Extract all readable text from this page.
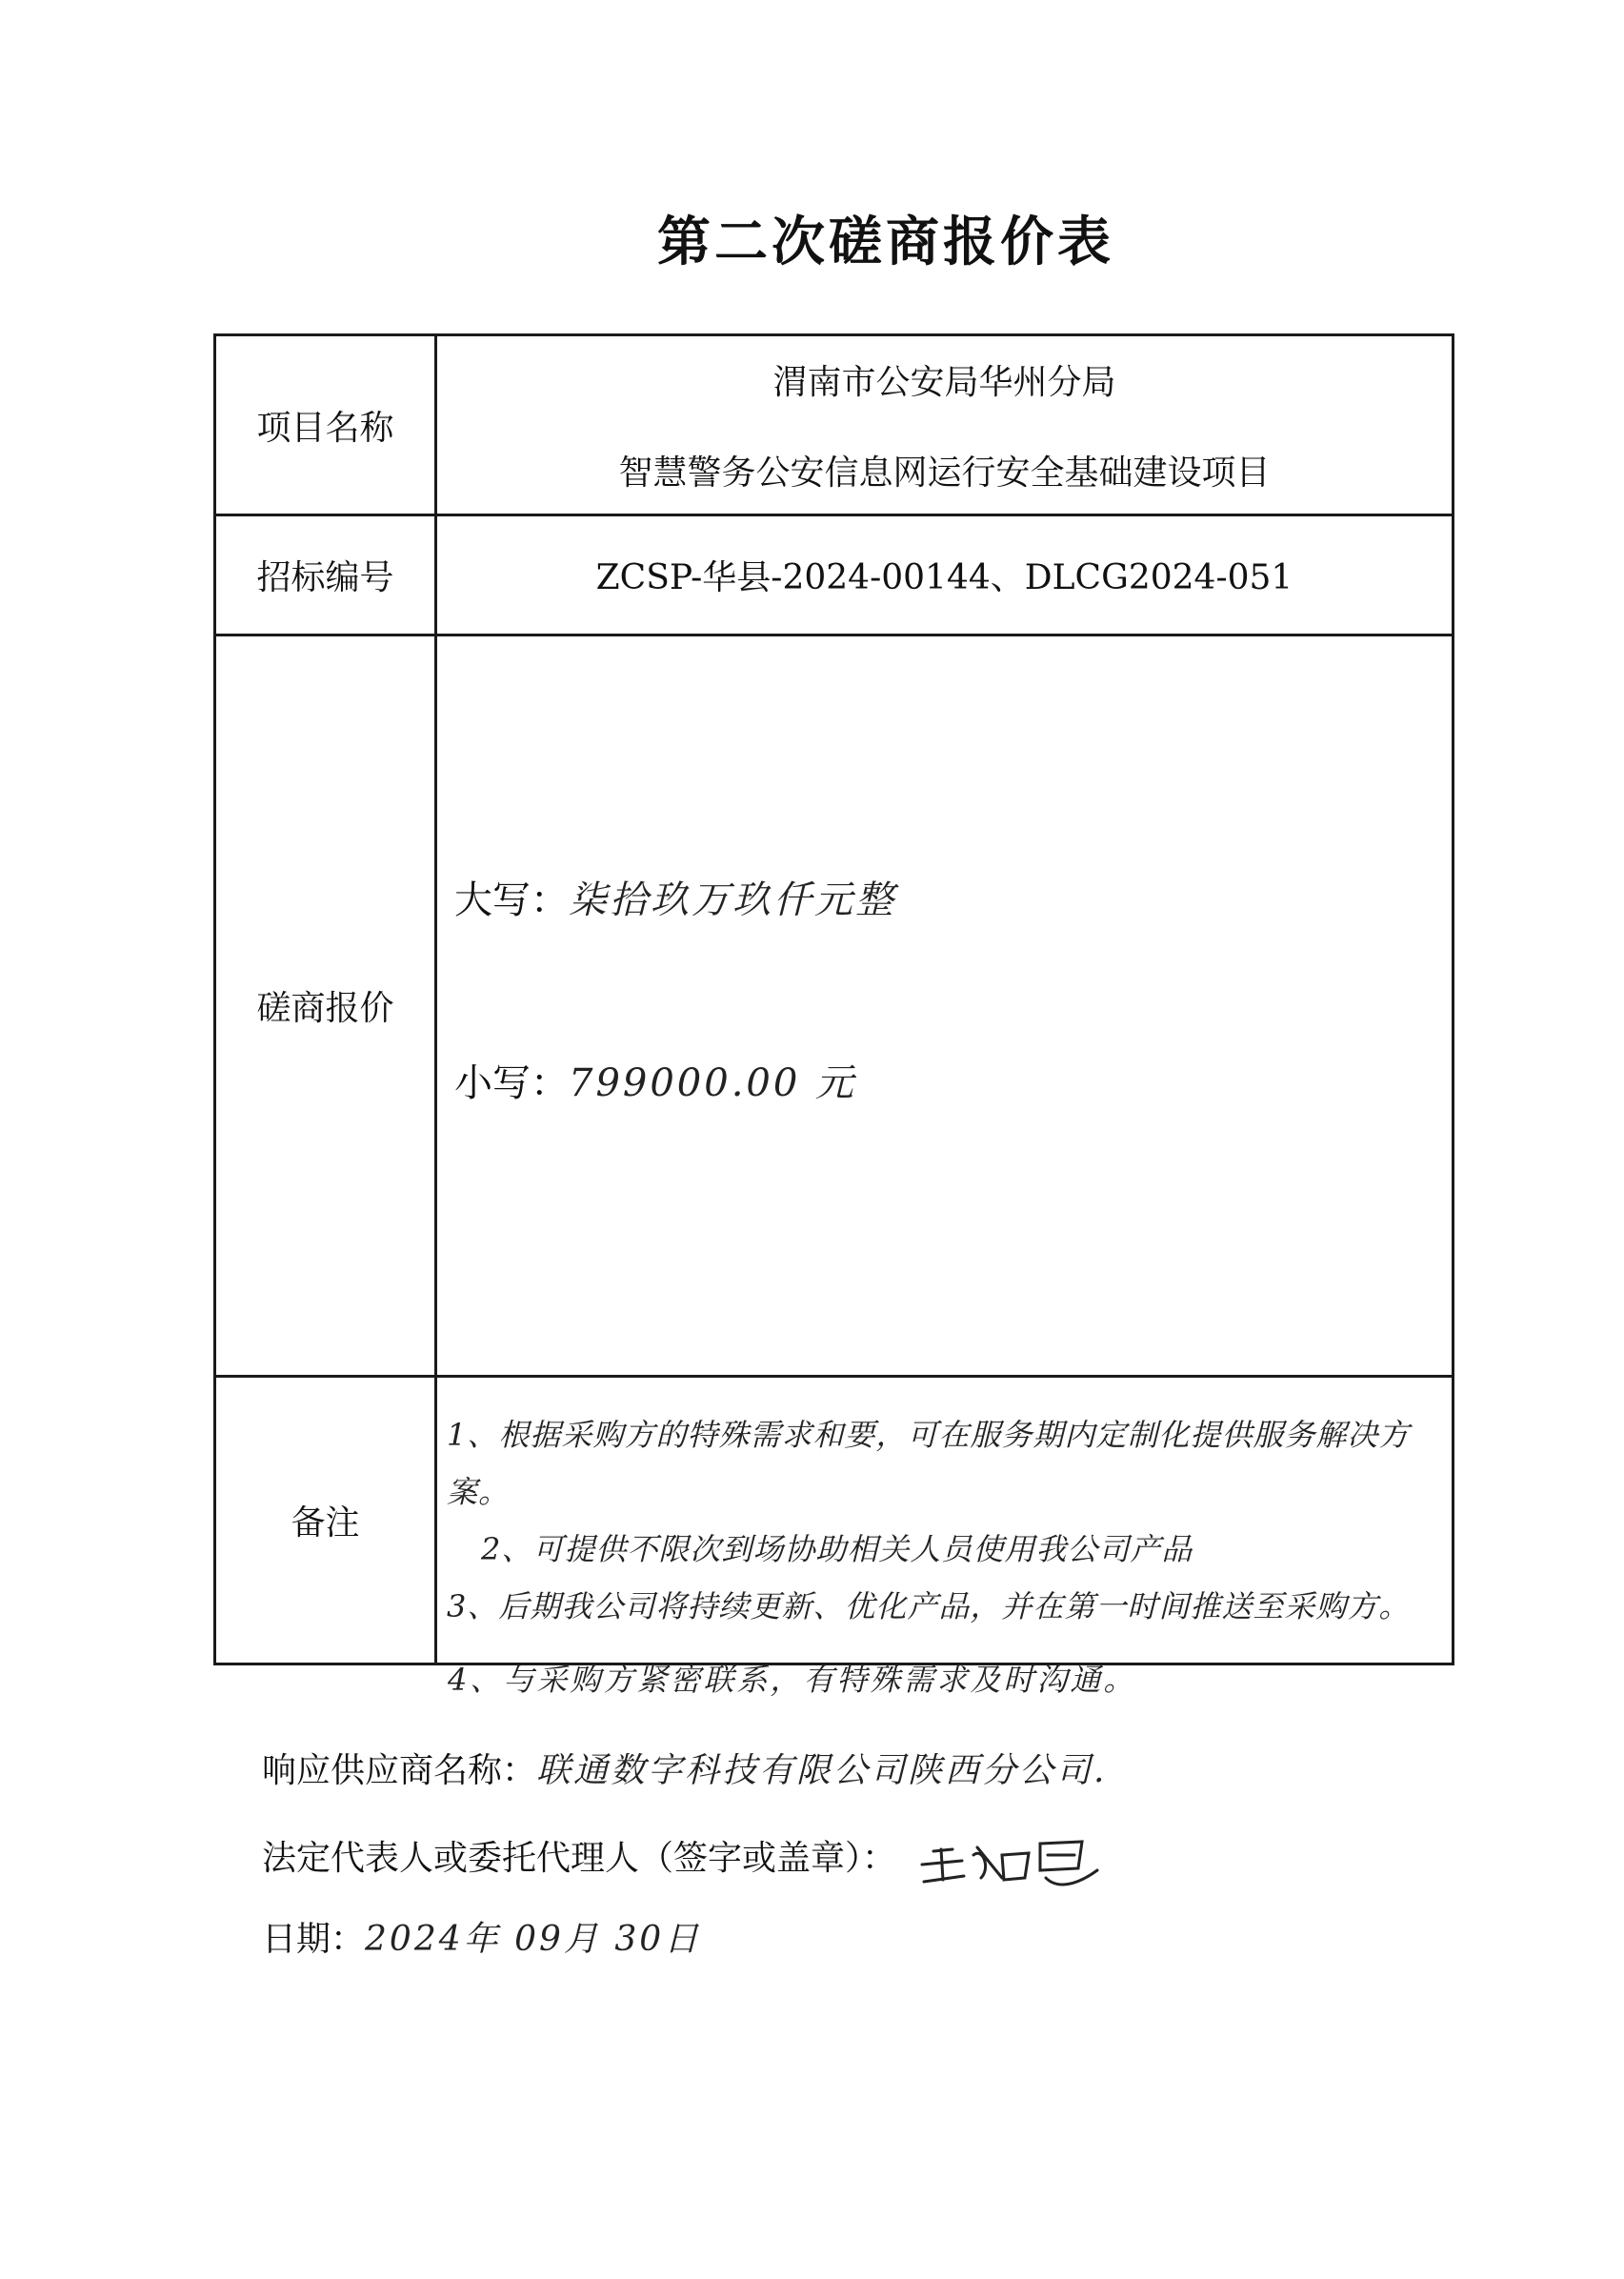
第二次磋商报价表
项目名称	渭南市公安局华州分局
智慧警务公安信息网运行安全基础建设项目

招标编号	ZCSP-华县-2024-00144、DLCG2024-051
磋商报价	大写：柒拾玖万玖仟元整
小写：799000.00 元

备注	1、根据采购方的特殊需求和要，可在服务期内定制化提供服务解决方案。
2、可提供不限次到场协助相关人员使用我公司产品
3、后期我公司将持续更新、优化产品，并在第一时间推送至采购方。
4、与采购方紧密联系，有特殊需求及时沟通。
响应供应商名称：联通数字科技有限公司陕西分公司.
法定代表人或委托代理人（签字或盖章）：
日期：2024年 09月 30日
